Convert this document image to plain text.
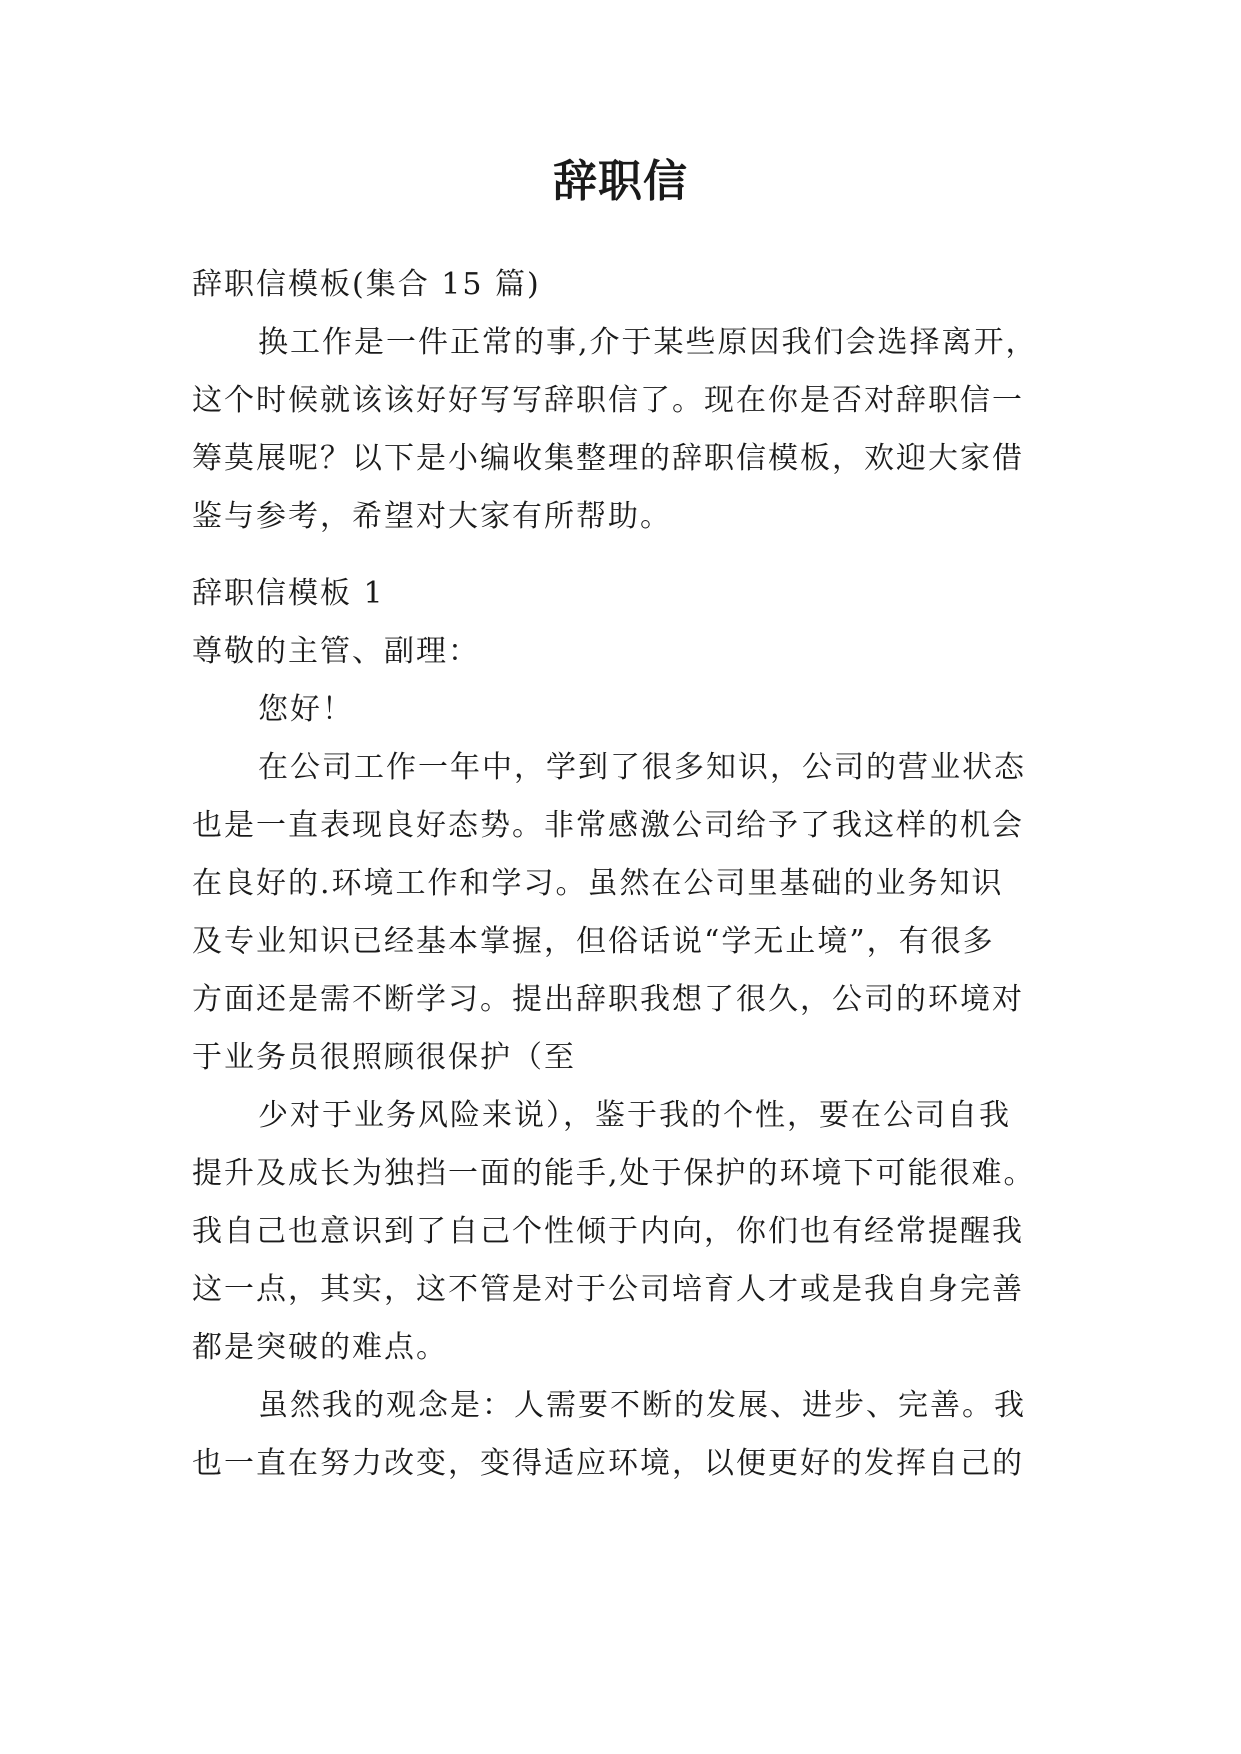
辞职信
辞职信模板(集合 15 篇)
换工作是一件正常的事,介于某些原因我们会选择离开，
这个时候就该该好好写写辞职信了。现在你是否对辞职信一
筹莫展呢？以下是小编收集整理的辞职信模板，欢迎大家借
鉴与参考，希望对大家有所帮助。
辞职信模板 1
尊敬的主管、副理：
您好！
在公司工作一年中，学到了很多知识，公司的营业状态
也是一直表现良好态势。非常感激公司给予了我这样的机会
在良好的.环境工作和学习。虽然在公司里基础的业务知识
及专业知识已经基本掌握，但俗话说“学无止境”，有很多
方面还是需不断学习。提出辞职我想了很久，公司的环境对
于业务员很照顾很保护（至
少对于业务风险来说），鉴于我的个性，要在公司自我
提升及成长为独挡一面的能手,处于保护的环境下可能很难。
我自己也意识到了自己个性倾于内向，你们也有经常提醒我
这一点，其实，这不管是对于公司培育人才或是我自身完善
都是突破的难点。
虽然我的观念是：人需要不断的发展、进步、完善。我
也一直在努力改变，变得适应环境，以便更好的发挥自己的
